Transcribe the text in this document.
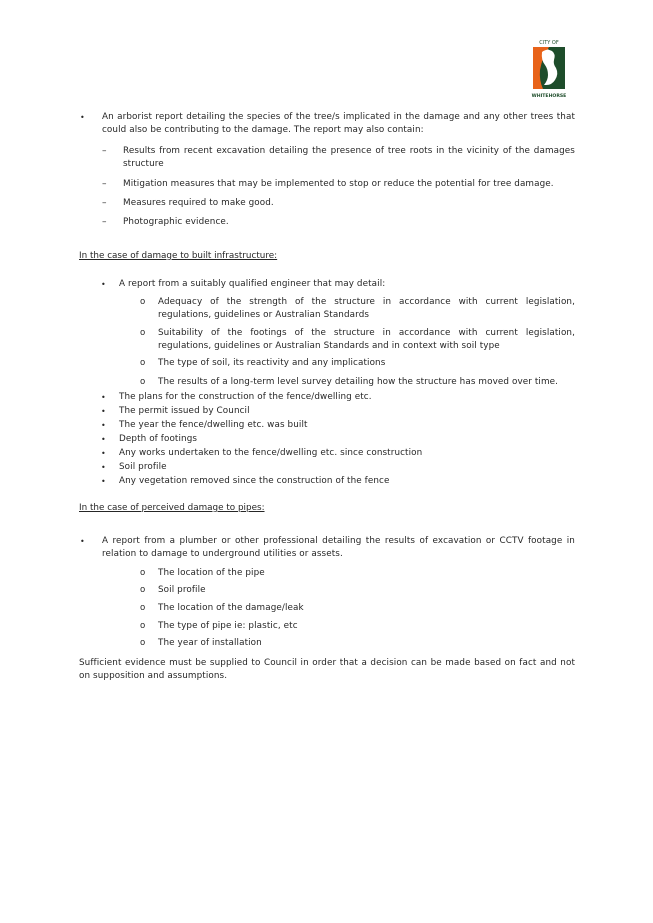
CITY OF
WHITEHORSE
• An arborist report detailing the species of the tree/s implicated in the damage and any other trees that could also be contributing to the damage. The report may also contain:
– Results from recent excavation detailing the presence of tree roots in the vicinity of the damages structure
– Mitigation measures that may be implemented to stop or reduce the potential for tree damage.
– Measures required to make good.
– Photographic evidence.
In the case of damage to built infrastructure:
• A report from a suitably qualified engineer that may detail:
o Adequacy of the strength of the structure in accordance with current legislation, regulations, guidelines or Australian Standards
o Suitability of the footings of the structure in accordance with current legislation, regulations, guidelines or Australian Standards and in context with soil type
o The type of soil, its reactivity and any implications
o The results of a long-term level survey detailing how the structure has moved over time.
• The plans for the construction of the fence/dwelling etc.
• The permit issued by Council
• The year the fence/dwelling etc. was built
• Depth of footings
• Any works undertaken to the fence/dwelling etc. since construction
• Soil profile
• Any vegetation removed since the construction of the fence
In the case of perceived damage to pipes:
• A report from a plumber or other professional detailing the results of excavation or CCTV footage in relation to damage to underground utilities or assets.
o The location of the pipe
o Soil profile
o The location of the damage/leak
o The type of pipe ie: plastic, etc
o The year of installation
Sufficient evidence must be supplied to Council in order that a decision can be made based on fact and not on supposition and assumptions.
